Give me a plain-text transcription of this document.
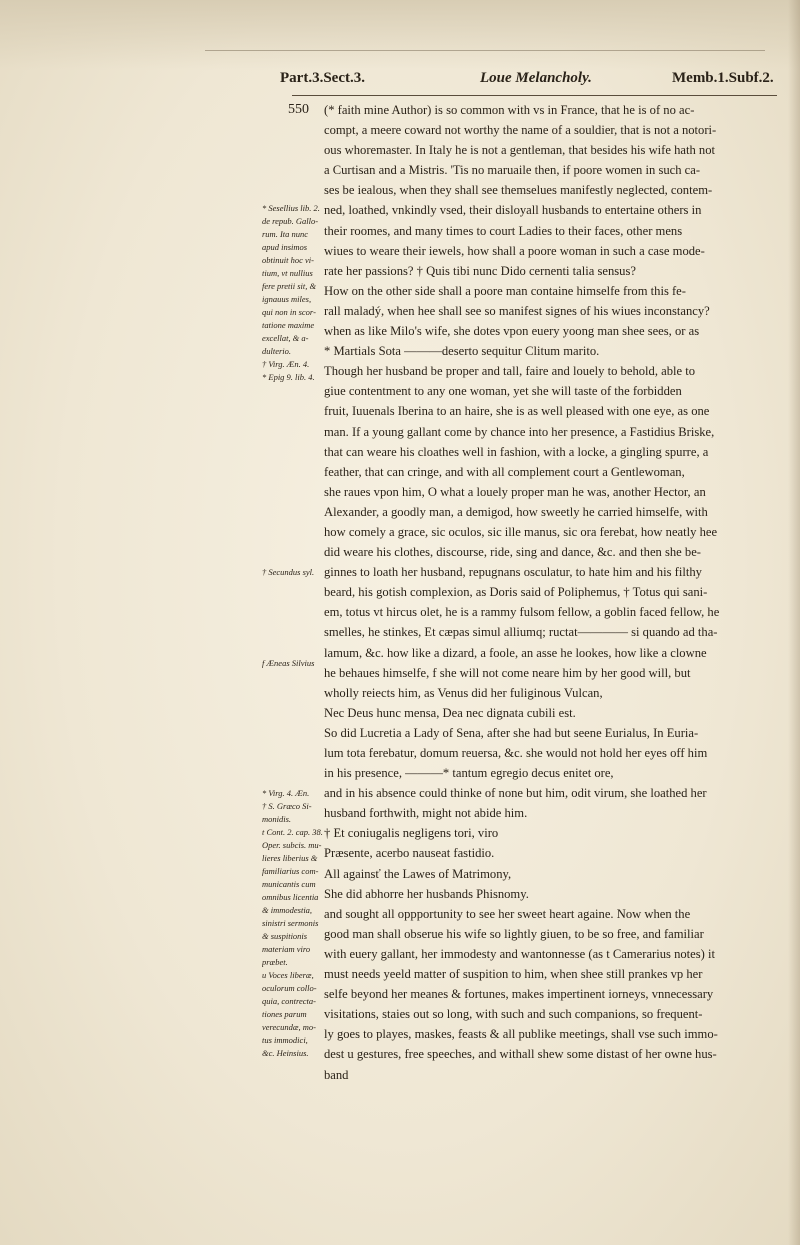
Part.3.Sect.3.	Loue Melancholy.	Memb.1.Subf.2.
550
* Sesellius lib. 2.
de repub. Gallo-
rum. Ita nunc
apud insimos
obtinuit hoc vi-
tium, vt nullius
fere pretii sit, &
ignauus miles,
qui non in scor-
tatione maxime
excellat, & a-
dulterio.
† Virg. Æn. 4.
* Epig 9. lib. 4.
† Secundus syl.
f Æneas Silvius
* Virg. 4. Æn.
† S. Græco Si-
monidis.
t Cont. 2. cap. 38.
Oper. subcis. mu-
lieres liberius &
familiarius com-
municantis cum
omnibus licentia
& immodestia,
sinistri sermonis
& suspitionis
materiam viro
præbet.
u Voces liberæ,
oculorum collo-
quia, contrecta-
tiones parum
verecundæ, mo-
tus immodici,
&c. Heinsius.
(* faith mine Author) is so common with vs in France, that he is of no ac-
compt, a meere coward not worthy the name of a souldier, that is not a notori-
ous whoremaster. In Italy he is not a gentleman, that besides his wife hath not
a Curtisan and a Mistris. 'Tis no maruaile then, if poore women in such ca-
ses be iealous, when they shall see themselues manifestly neglected, contem-
ned, loathed, vnkindly vsed, their disloyall husbands to entertaine others in
their roomes, and many times to court Ladies to their faces, other mens
wiues to weare their iewels, how shall a poore woman in such a case mode-
rate her passions? † Quis tibi nunc Dido cernenti talia sensus?
How on the other side shall a poore man containe himselfe from this fe-
rall maladý, when hee shall see so manifest signes of his wiues inconstancy?
when as like Milo's wife, she dotes vpon euery yoong man shee sees, or as
* Martials Sota ———deserto sequitur Clitum marito.
Though her husband be proper and tall, faire and louely to behold, able to
giue contentment to any one woman, yet she will taste of the forbidden
fruit, Iuuenals Iberina to an haire, she is as well pleased with one eye, as one
man. If a young gallant come by chance into her presence, a Fastidius Briske,
that can weare his cloathes well in fashion, with a locke, a gingling spurre, a
feather, that can cringe, and with all complement court a Gentlewoman,
she raues vpon him, O what a louely proper man he was, another Hector, an
Alexander, a goodly man, a demigod, how sweetly he carried himselfe, with
how comely a grace, sic oculos, sic ille manus, sic ora ferebat, how neatly hee
did weare his clothes, discourse, ride, sing and dance, &c. and then she be-
ginnes to loath her husband, repugnans osculatur, to hate him and his filthy
beard, his gotish complexion, as Doris said of Poliphemus, † Totus qui sani-
em, totus vt hircus olet, he is a rammy fulsom fellow, a goblin faced fellow, he
smelles, he stinkes, Et cæpas simul alliumq; ructat———— si quando ad tha-
lamum, &c. how like a dizard, a foole, an asse he lookes, how like a clowne
he behaues himselfe, f she will not come neare him by her good will, but
wholly reiects him, as Venus did her fuliginous Vulcan,
Nec Deus hunc mensa, Dea nec dignata cubili est.
So did Lucretia a Lady of Sena, after she had but seene Eurialus, In Euria-
lum tota ferebatur, domum reuersa, &c. she would not hold her eyes off him
in his presence, ———* tantum egregio decus enitet ore,
and in his absence could thinke of none but him, odit virum, she loathed her
husband forthwith, might not abide him.
† Et coniugalis negligens tori, viro
Præsente, acerbo nauseat fastidio.
All againsť the Lawes of Matrimony,
She did abhorre her husbands Phisnomy.
and sought all oppportunity to see her sweet heart againe. Now when the
good man shall obserue his wife so lightly giuen, to be so free, and familiar
with euery gallant, her immodesty and wantonnesse (as t Camerarius notes) it
must needs yeeld matter of suspition to him, when shee still prankes vp her
selfe beyond her meanes & fortunes, makes impertinent iorneys, vnnecessary
visitations, staies out so long, with such and such companions, so frequent-
ly goes to playes, maskes, feasts & all publike meetings, shall vse such immo-
dest u gestures, free speeches, and withall shew some distast of her owne hus-
band
